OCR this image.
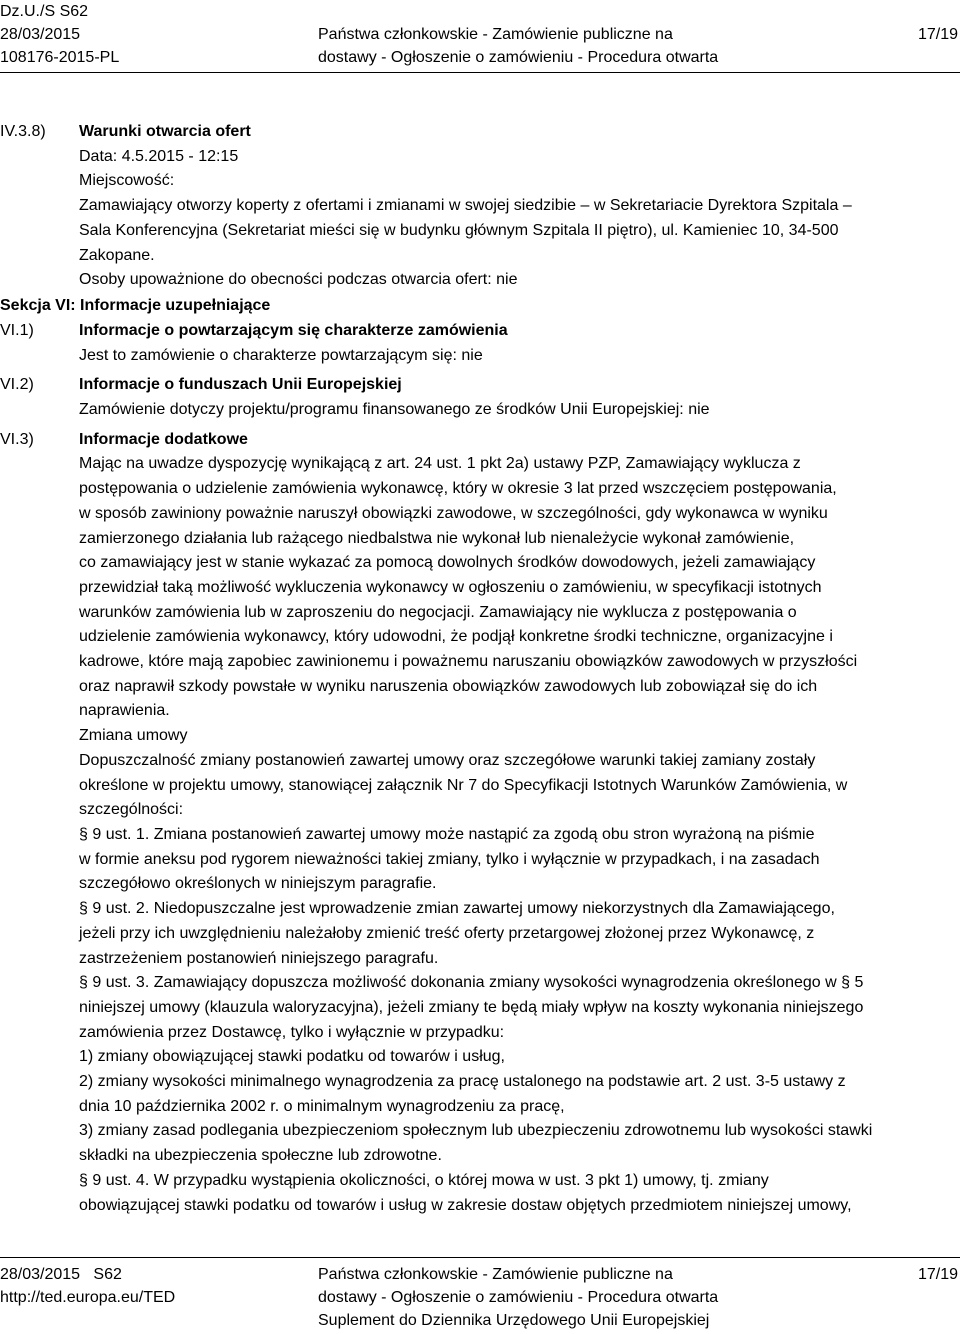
Dz.U./S S62
28/03/2015
108176-2015-PL
Państwa członkowskie - Zamówienie publiczne na
dostawy - Ogłoszenie o zamówieniu - Procedura otwarta
17/19
IV.3.8)	Warunki otwarcia ofert
Data: 4.5.2015 - 12:15
Miejscowość:
Zamawiający otworzy koperty z ofertami i zmianami w swojej siedzibie – w Sekretariacie Dyrektora Szpitala –
Sala Konferencyjna (Sekretariat mieści się w budynku głównym Szpitala II piętro), ul. Kamieniec 10, 34-500
Zakopane.
Osoby upoważnione do obecności podczas otwarcia ofert: nie
Sekcja VI: Informacje uzupełniające
VI.1)	Informacje o powtarzającym się charakterze zamówienia
Jest to zamówienie o charakterze powtarzającym się: nie
VI.2)	Informacje o funduszach Unii Europejskiej
Zamówienie dotyczy projektu/programu finansowanego ze środków Unii Europejskiej: nie
VI.3)	Informacje dodatkowe
Mając na uwadze dyspozycję wynikającą z art. 24 ust. 1 pkt 2a) ustawy PZP, Zamawiający wyklucza z
postępowania o udzielenie zamówienia wykonawcę, który w okresie 3 lat przed wszczęciem postępowania,
w sposób zawiniony poważnie naruszył obowiązki zawodowe, w szczególności, gdy wykonawca w wyniku
zamierzonego działania lub rażącego niedbalstwa nie wykonał lub nienależycie wykonał zamówienie,
co zamawiający jest w stanie wykazać za pomocą dowolnych środków dowodowych, jeżeli zamawiający
przewidział taką możliwość wykluczenia wykonawcy w ogłoszeniu o zamówieniu, w specyfikacji istotnych
warunków zamówienia lub w zaproszeniu do negocjacji. Zamawiający nie wyklucza z postępowania o
udzielenie zamówienia wykonawcy, który udowodni, że podjął konkretne środki techniczne, organizacyjne i
kadrowe, które mają zapobiec zawinionemu i poważnemu naruszaniu obowiązków zawodowych w przyszłości
oraz naprawił szkody powstałe w wyniku naruszenia obowiązków zawodowych lub zobowiązał się do ich
naprawienia.
Zmiana umowy
Dopuszczalność zmiany postanowień zawartej umowy oraz szczegółowe warunki takiej zamiany zostały
określone w projektu umowy, stanowiącej załącznik Nr 7 do Specyfikacji Istotnych Warunków Zamówienia, w
szczególności:
§ 9 ust. 1. Zmiana postanowień zawartej umowy może nastąpić za zgodą obu stron wyrażoną na piśmie
w formie aneksu pod rygorem nieważności takiej zmiany, tylko i wyłącznie w przypadkach, i na zasadach
szczegółowo określonych w niniejszym paragrafie.
§ 9 ust. 2. Niedopuszczalne jest wprowadzenie zmian zawartej umowy niekorzystnych dla Zamawiającego,
jeżeli przy ich uwzględnieniu należałoby zmienić treść oferty przetargowej złożonej przez Wykonawcę, z
zastrzeżeniem postanowień niniejszego paragrafu.
§ 9 ust. 3. Zamawiający dopuszcza możliwość dokonania zmiany wysokości wynagrodzenia określonego w § 5
niniejszej umowy (klauzula waloryzacyjna), jeżeli zmiany te będą miały wpływ na koszty wykonania niniejszego
zamówienia przez Dostawcę, tylko i wyłącznie w przypadku:
1) zmiany obowiązującej stawki podatku od towarów i usług,
2) zmiany wysokości minimalnego wynagrodzenia za pracę ustalonego na podstawie art. 2 ust. 3-5 ustawy z
dnia 10 października 2002 r. o minimalnym wynagrodzeniu za pracę,
3) zmiany zasad podlegania ubezpieczeniom społecznym lub ubezpieczeniu zdrowotnemu lub wysokości stawki
składki na ubezpieczenia społeczne lub zdrowotne.
§ 9 ust. 4. W przypadku wystąpienia okoliczności, o której mowa w ust. 3 pkt 1) umowy, tj. zmiany
obowiązującej stawki podatku od towarów i usług w zakresie dostaw objętych przedmiotem niniejszej umowy,
28/03/2015   S62
http://ted.europa.eu/TED
Państwa członkowskie - Zamówienie publiczne na
dostawy - Ogłoszenie o zamówieniu - Procedura otwarta
Suplement do Dziennika Urzędowego Unii Europejskiej
17/19
